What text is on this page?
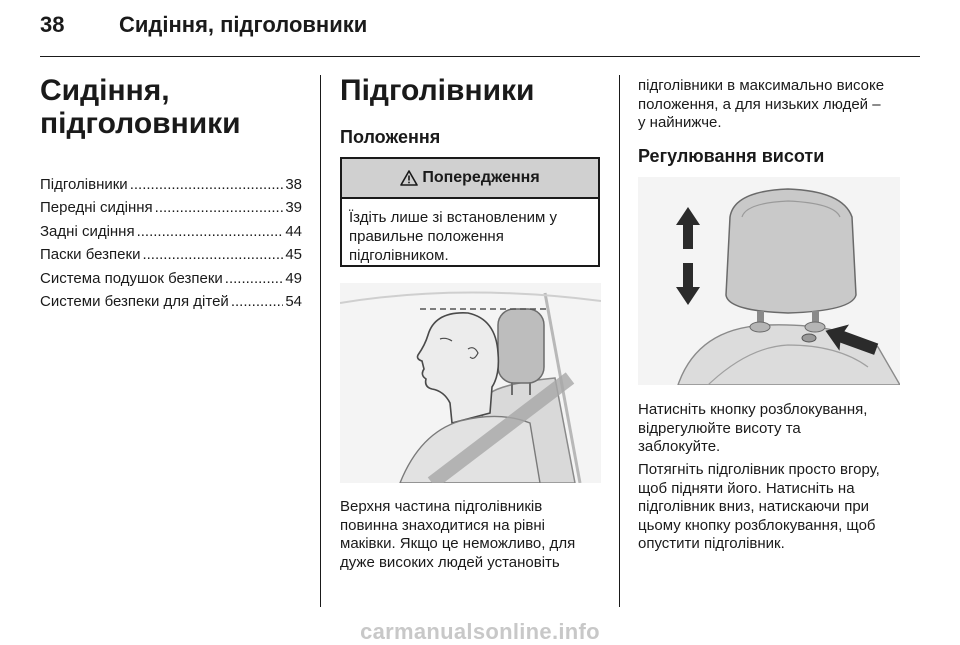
38 Сидіння, підголовники
Сидіння,
підголовники
Підголівники .....	38
Передні сидіння .....	39
Задні сидіння .....	44
Паски безпеки .....	45
Система подушок безпеки .....	49
Системи безпеки для дітей .....	54
Підголівники
Положення
Попередження
Їздіть лише зі встановленим у правильне положення підголівником.
Верхня частина підголівників
повинна знаходитися на рівні
маківки. Якщо це неможливо, для
дуже високих людей установіть
підголівники в максимально високе
положення, а для низьких людей –
у найнижче.
Регулювання висоти
Натисніть кнопку розблокування,
відрегулюйте висоту та
заблокуйте.
Потягніть підголівник просто вгору,
щоб підняти його. Натисніть на
підголівник вниз, натискаючи при
цьому кнопку розблокування, щоб
опустити підголівник.
carmanualsonline.info
